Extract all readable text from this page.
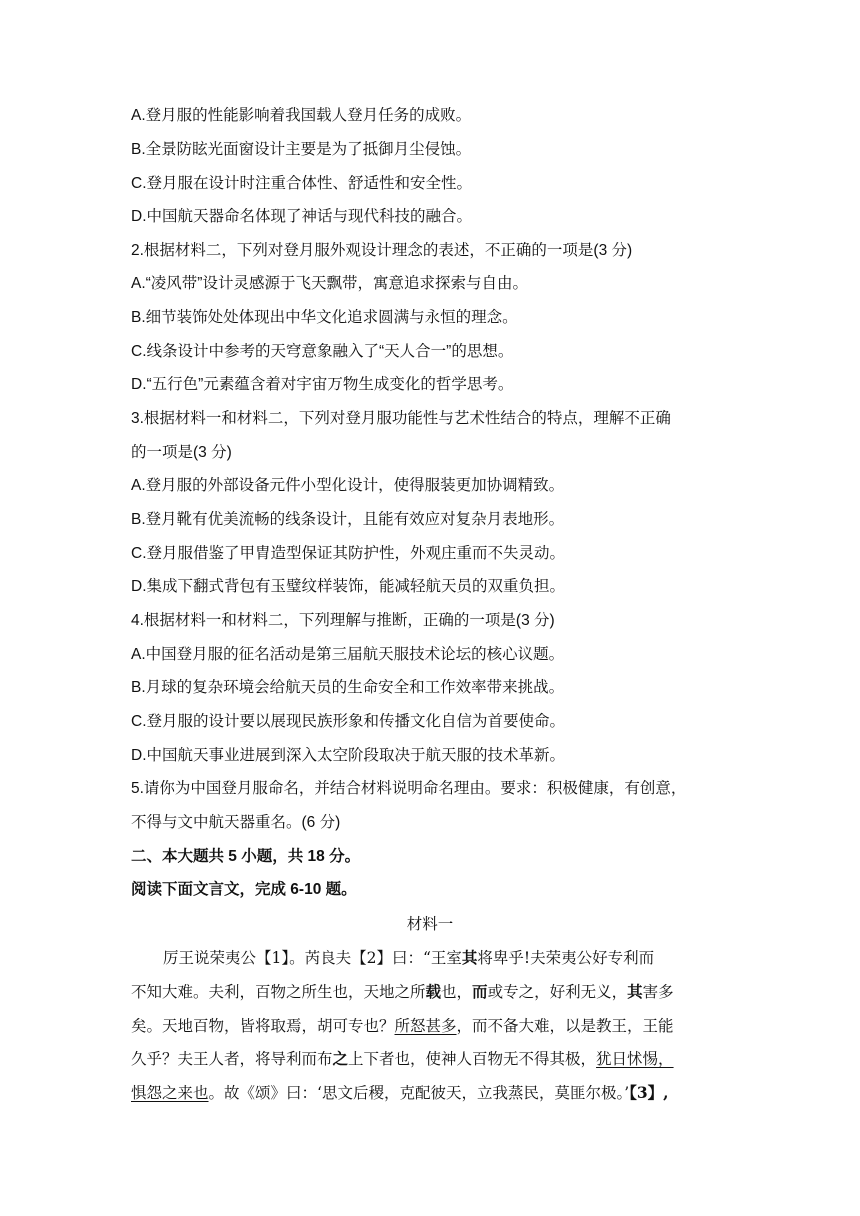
A.登月服的性能影响着我国载人登月任务的成败。
B.全景防眩光面窗设计主要是为了抵御月尘侵蚀。
C.登月服在设计时注重合体性、舒适性和安全性。
D.中国航天器命名体现了神话与现代科技的融合。
2.根据材料二，下列对登月服外观设计理念的表述，不正确的一项是(3 分)
A.“凌风带”设计灵感源于飞天飘带，寓意追求探索与自由。
B.细节装饰处处体现出中华文化追求圆满与永恒的理念。
C.线条设计中参考的天穹意象融入了“天人合一”的思想。
D.“五行色”元素蕴含着对宇宙万物生成变化的哲学思考。
3.根据材料一和材料二，下列对登月服功能性与艺术性结合的特点，理解不正确
的一项是(3 分)
A.登月服的外部设备元件小型化设计，使得服装更加协调精致。
B.登月靴有优美流畅的线条设计，且能有效应对复杂月表地形。
C.登月服借鉴了甲胄造型保证其防护性，外观庄重而不失灵动。
D.集成下翻式背包有玉璧纹样装饰，能减轻航天员的双重负担。
4.根据材料一和材料二，下列理解与推断，正确的一项是(3 分)
A.中国登月服的征名活动是第三届航天服技术论坛的核心议题。
B.月球的复杂环境会给航天员的生命安全和工作效率带来挑战。
C.登月服的设计要以展现民族形象和传播文化自信为首要使命。
D.中国航天事业进展到深入太空阶段取决于航天服的技术革新。
5.请你为中国登月服命名，并结合材料说明命名理由。要求：积极健康，有创意，
不得与文中航天器重名。(6 分)
二、本大题共 5 小题，共 18 分。
阅读下面文言文，完成 6-10 题。
材料一
厉王说荣夷公【1】。芮良夫【2】曰：“王室其将卑乎!夫荣夷公好专利而
不知大难。夫利，百物之所生也，天地之所载也，而或专之，好利无义，其害多
矣。天地百物，皆将取焉，胡可专也？所怒甚多，而不备大难，以是教王，王能
久乎？夫王人者，将导利而布之上下者也，使神人百物无不得其极，犹日怵惕，
惧怨之来也。故《颂》曰：‘思文后稷，克配彼天，立我蒸民，莫匪尔极。’【3】,
